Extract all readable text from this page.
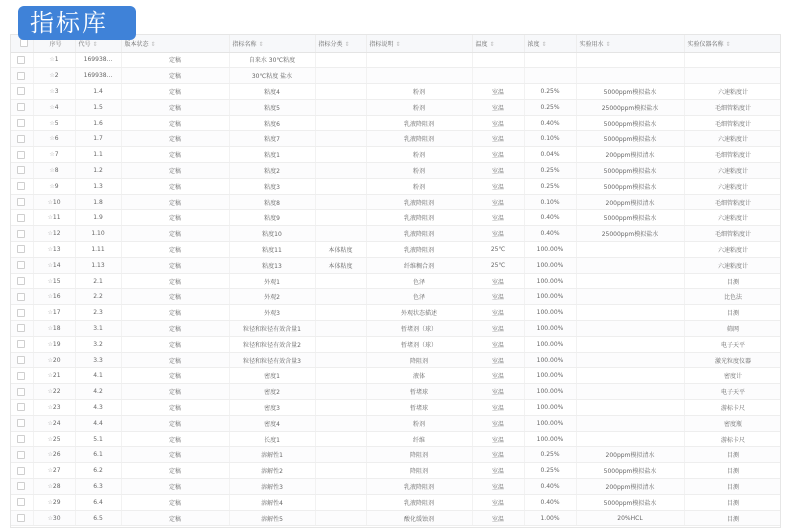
指标库
	序号	代号 ⇕	版本状态 ⇕	指标名称 ⇕	指标分类 ⇕	指标说明 ⇕	温度 ⇕	浓度 ⇕	实验用水 ⇕	实验仪器名称 ⇕
	☆1	169938...	定稿	自来水 30℃粘度						
	☆2	169938...	定稿	30℃粘度 盐水						
	☆3	1.4	定稿	粘度4		粉剂	室温	0.25%	5000ppm模拟盐水	六速粘度计
	☆4	1.5	定稿	粘度5		粉剂	室温	0.25%	25000ppm模拟盐水	毛细管粘度计
	☆5	1.6	定稿	粘度6		乳液降阻剂	室温	0.40%	5000ppm模拟盐水	毛细管粘度计
	☆6	1.7	定稿	粘度7		乳液降阻剂	室温	0.10%	5000ppm模拟盐水	六速粘度计
	☆7	1.1	定稿	粘度1		粉剂	室温	0.04%	200ppm模拟清水	毛细管粘度计
	☆8	1.2	定稿	粘度2		粉剂	室温	0.25%	5000ppm模拟盐水	六速粘度计
	☆9	1.3	定稿	粘度3		粉剂	室温	0.25%	5000ppm模拟盐水	六速粘度计
	☆10	1.8	定稿	粘度8		乳液降阻剂	室温	0.10%	200ppm模拟清水	毛细管粘度计
	☆11	1.9	定稿	粘度9		乳液降阻剂	室温	0.40%	5000ppm模拟盐水	六速粘度计
	☆12	1.10	定稿	粘度10		乳液降阻剂	室温	0.40%	25000ppm模拟盐水	毛细管粘度计
	☆13	1.11	定稿	粘度11	本体粘度	乳液降阻剂	25℃	100.00%		六速粘度计
	☆14	1.13	定稿	粘度13	本体粘度	纤维稠合剂	25℃	100.00%		六速粘度计
	☆15	2.1	定稿	外观1		色泽	室温	100.00%		目测
	☆16	2.2	定稿	外观2		色泽	室温	100.00%		比色法
	☆17	2.3	定稿	外观3		外观状态描述	室温	100.00%		目测
	☆18	3.1	定稿	粒径和粒径有效含量1		暂堵剂（球）	室温	100.00%		筛网
	☆19	3.2	定稿	粒径和粒径有效含量2		暂堵剂（球）	室温	100.00%		电子天平
	☆20	3.3	定稿	粒径和粒径有效含量3		降阻剂	室温	100.00%		激光粒度仪器
	☆21	4.1	定稿	密度1		液体	室温	100.00%		密度计
	☆22	4.2	定稿	密度2		暂堵球	室温	100.00%		电子天平
	☆23	4.3	定稿	密度3		暂堵球	室温	100.00%		游标卡尺
	☆24	4.4	定稿	密度4		粉剂	室温	100.00%		密度瓶
	☆25	5.1	定稿	长度1		纤维	室温	100.00%		游标卡尺
	☆26	6.1	定稿	溶解性1		降阻剂	室温	0.25%	200ppm模拟清水	目测
	☆27	6.2	定稿	溶解性2		降阻剂	室温	0.25%	5000ppm模拟盐水	目测
	☆28	6.3	定稿	溶解性3		乳液降阻剂	室温	0.40%	200ppm模拟清水	目测
	☆29	6.4	定稿	溶解性4		乳液降阻剂	室温	0.40%	5000ppm模拟盐水	目测
	☆30	6.5	定稿	溶解性5		酸化缓蚀剂	室温	1.00%	20%HCL	目测
